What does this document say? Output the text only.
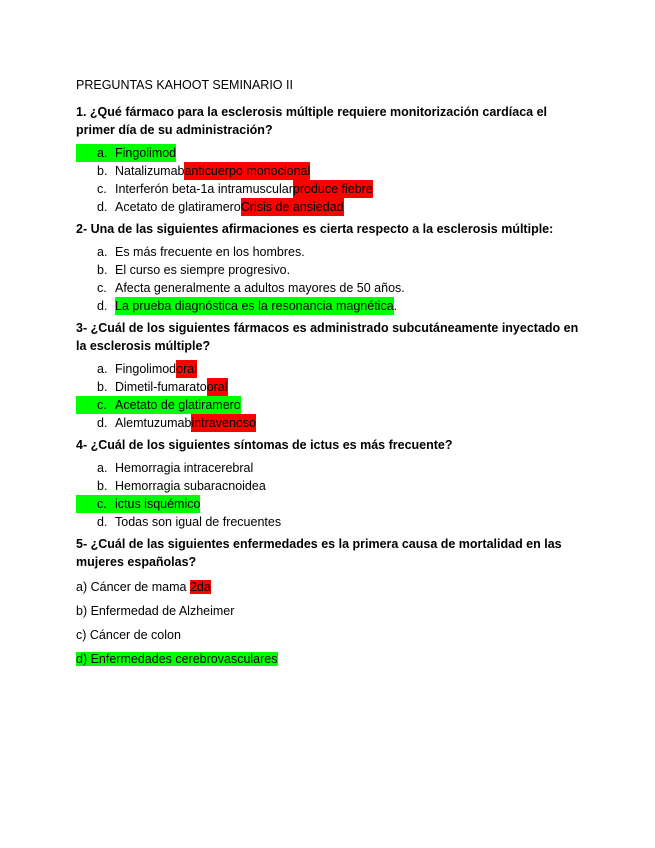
PREGUNTAS KAHOOT SEMINARIO II
1. ¿Qué fármaco para la esclerosis múltiple requiere monitorización cardíaca el primer día de su administración?
a. Fingolimod
b. Natalizumab anticuerpo monoclonal
c. Interferón beta-1a intramuscular produce fiebre
d. Acetato de glatiramero Crisis de ansiedad
2- Una de las siguientes afirmaciones es cierta respecto a la esclerosis múltiple:
a. Es más frecuente en los hombres.
b. El curso es siempre progresivo.
c. Afecta generalmente a adultos mayores de 50 años.
d. La prueba diagnóstica es la resonancia magnética .
3- ¿Cuál de los siguientes fármacos es administrado subcutáneamente inyectado en la esclerosis múltiple?
a. Fingolimod oral
b. Dimetil-fumarato oral
c. Acetato de glatiramero
d. Alemtuzumab intravenoso
4- ¿Cuál de los siguientes síntomas de ictus es más frecuente?
a. Hemorragia intracerebral
b. Hemorragia subaracnoidea
c. ictus isquémico
d. Todas son igual de frecuentes
5- ¿Cuál de las siguientes enfermedades es la primera causa de mortalidad en las mujeres españolas?
a) Cáncer de mama 2da
b) Enfermedad de Alzheimer
c) Cáncer de colon
d) Enfermedades cerebrovasculares
